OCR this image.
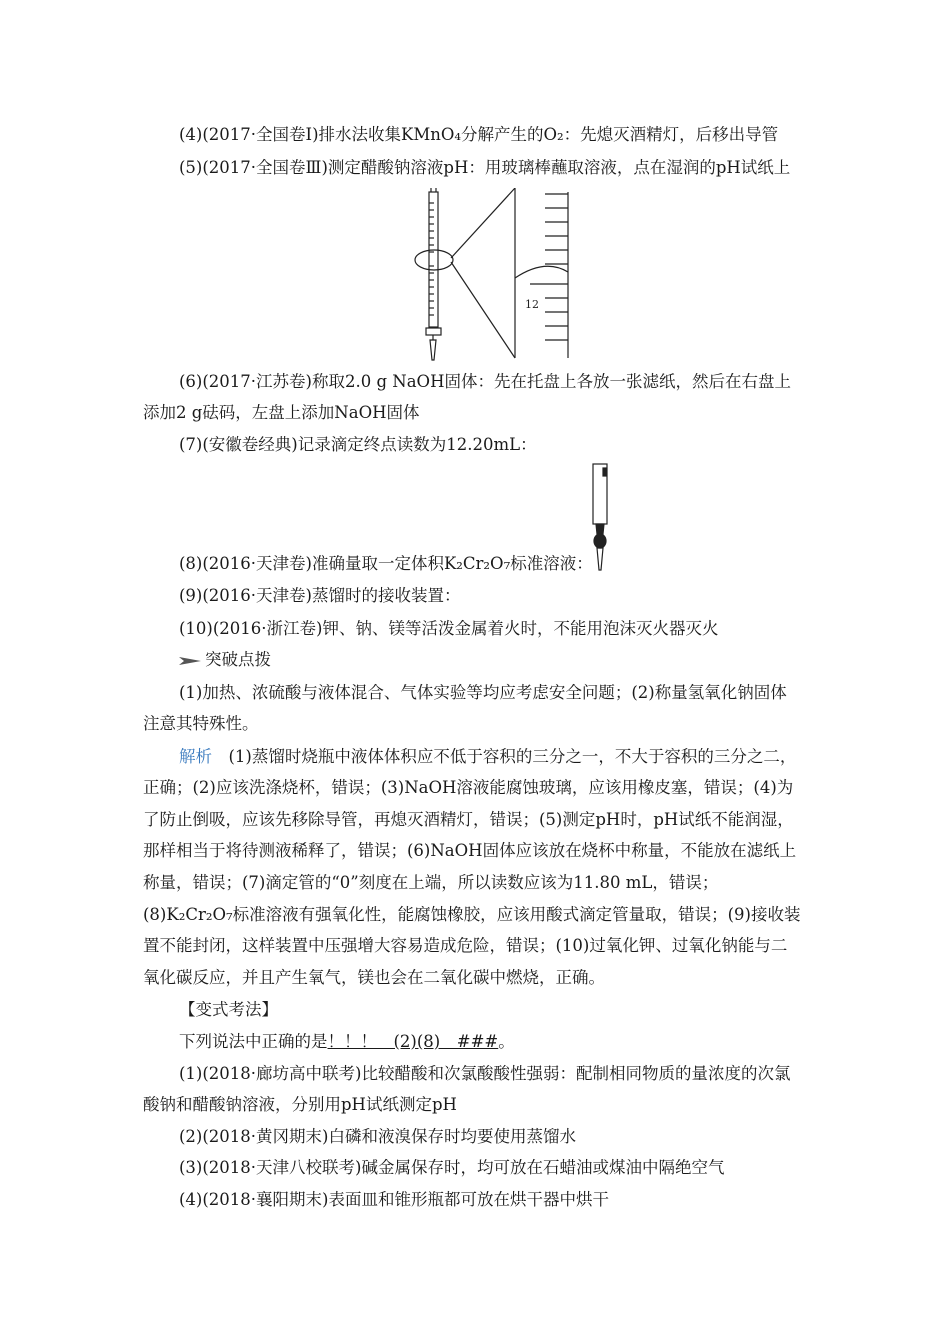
(4)(2017·全国卷Ⅰ)排水法收集KMnO₄分解产生的O₂：先熄灭酒精灯，后移出导管
(5)(2017·全国卷Ⅲ)测定醋酸钠溶液pH：用玻璃棒蘸取溶液，点在湿润的pH试纸上
12
(6)(2017·江苏卷)称取2.0 g NaOH固体：先在托盘上各放一张滤纸，然后在右盘上
添加2 g砝码，左盘上添加NaOH固体
(7)(安徽卷经典)记录滴定终点读数为12.20mL：
(8)(2016·天津卷)准确量取一定体积K₂Cr₂O₇标准溶液：
(9)(2016·天津卷)蒸馏时的接收装置：
(10)(2016·浙江卷)钾、钠、镁等活泼金属着火时，不能用泡沫灭火器灭火
突破点拨
(1)加热、浓硫酸与液体混合、气体实验等均应考虑安全问题；(2)称量氢氧化钠固体
注意其特殊性。
解析　 (1)蒸馏时烧瓶中液体体积应不低于容积的三分之一，不大于容积的三分之二，
正确；(2)应该洗涤烧杯，错误；(3)NaOH溶液能腐蚀玻璃，应该用橡皮塞，错误；(4)为
了防止倒吸，应该先移除导管，再熄灭酒精灯，错误；(5)测定pH时，pH试纸不能润湿，
那样相当于将待测液稀释了，错误；(6)NaOH固体应该放在烧杯中称量，不能放在滤纸上
称量，错误；(7)滴定管的“0”刻度在上端，所以读数应该为11.80 mL，错误；
(8)K₂Cr₂O₇标准溶液有强氧化性，能腐蚀橡胶，应该用酸式滴定管量取，错误；(9)接收装
置不能封闭，这样装置中压强增大容易造成危险，错误；(10)过氧化钾、过氧化钠能与二
氧化碳反应，并且产生氧气，镁也会在二氧化碳中燃烧，正确。
【变式考法】
下列说法中正确的是！！！　(2)(8)　###。
(1)(2018·廊坊高中联考)比较醋酸和次氯酸酸性强弱：配制相同物质的量浓度的次氯
酸钠和醋酸钠溶液，分别用pH试纸测定pH
(2)(2018·黄冈期末)白磷和液溴保存时均要使用蒸馏水
(3)(2018·天津八校联考)碱金属保存时，均可放在石蜡油或煤油中隔绝空气
(4)(2018·襄阳期末)表面皿和锥形瓶都可放在烘干器中烘干
